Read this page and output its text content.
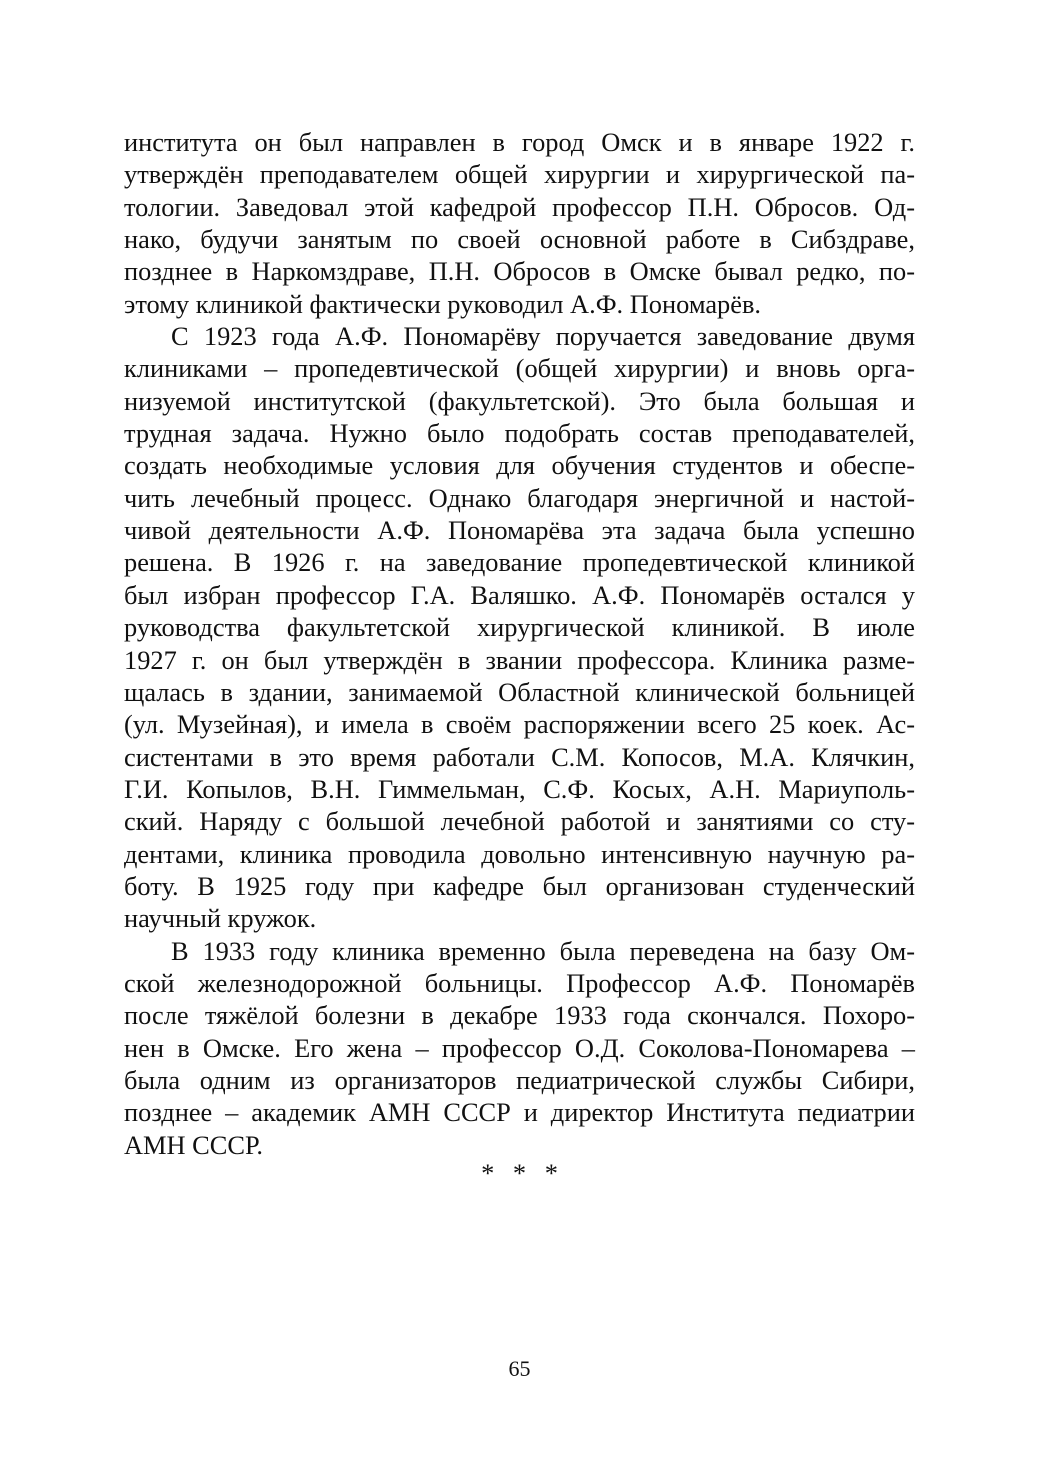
института он был направлен в город Омск и в январе 1922 г.
утверждён преподавателем общей хирургии и хирургической па-
тологии. Заведовал этой кафедрой профессор П.Н. Обросов. Од-
нако, будучи занятым по своей основной работе в Сибздраве,
позднее в Наркомздраве, П.Н. Обросов в Омске бывал редко, по-
этому клиникой фактически руководил А.Ф. Пономарёв.

С 1923 года А.Ф. Пономарёву поручается заведование двумя
клиниками – пропедевтической (общей хирургии) и вновь орга-
низуемой институтской (факультетской). Это была большая и
трудная задача. Нужно было подобрать состав преподавателей,
создать необходимые условия для обучения студентов и обеспе-
чить лечебный процесс. Однако благодаря энергичной и настой-
чивой деятельности А.Ф. Пономарёва эта задача была успешно
решена. В 1926 г. на заведование пропедевтической клиникой
был избран профессор Г.А. Валяшко. А.Ф. Пономарёв остался у
руководства факультетской хирургической клиникой. В июле
1927 г. он был утверждён в звании профессора. Клиника разме-
щалась в здании, занимаемой Областной клинической больницей
(ул. Музейная), и имела в своём распоряжении всего 25 коек. Ас-
систентами в это время работали С.М. Копосов, М.А. Клячкин,
Г.И. Копылов, В.Н. Гиммельман, С.Ф. Косых, А.Н. Мариуполь-
ский. Наряду с большой лечебной работой и занятиями со сту-
дентами, клиника проводила довольно интенсивную научную ра-
боту. В 1925 году при кафедре был организован студенческий
научный кружок.

В 1933 году клиника временно была переведена на базу Ом-
ской железнодорожной больницы. Профессор А.Ф. Пономарёв
после тяжёлой болезни в декабре 1933 года скончался. Похоро-
нен в Омске. Его жена – профессор О.Д. Соколова-Пономарева –
была одним из организаторов педиатрической службы Сибири,
позднее – академик АМН СССР и директор Института педиатрии
АМН СССР.

* * *
65
